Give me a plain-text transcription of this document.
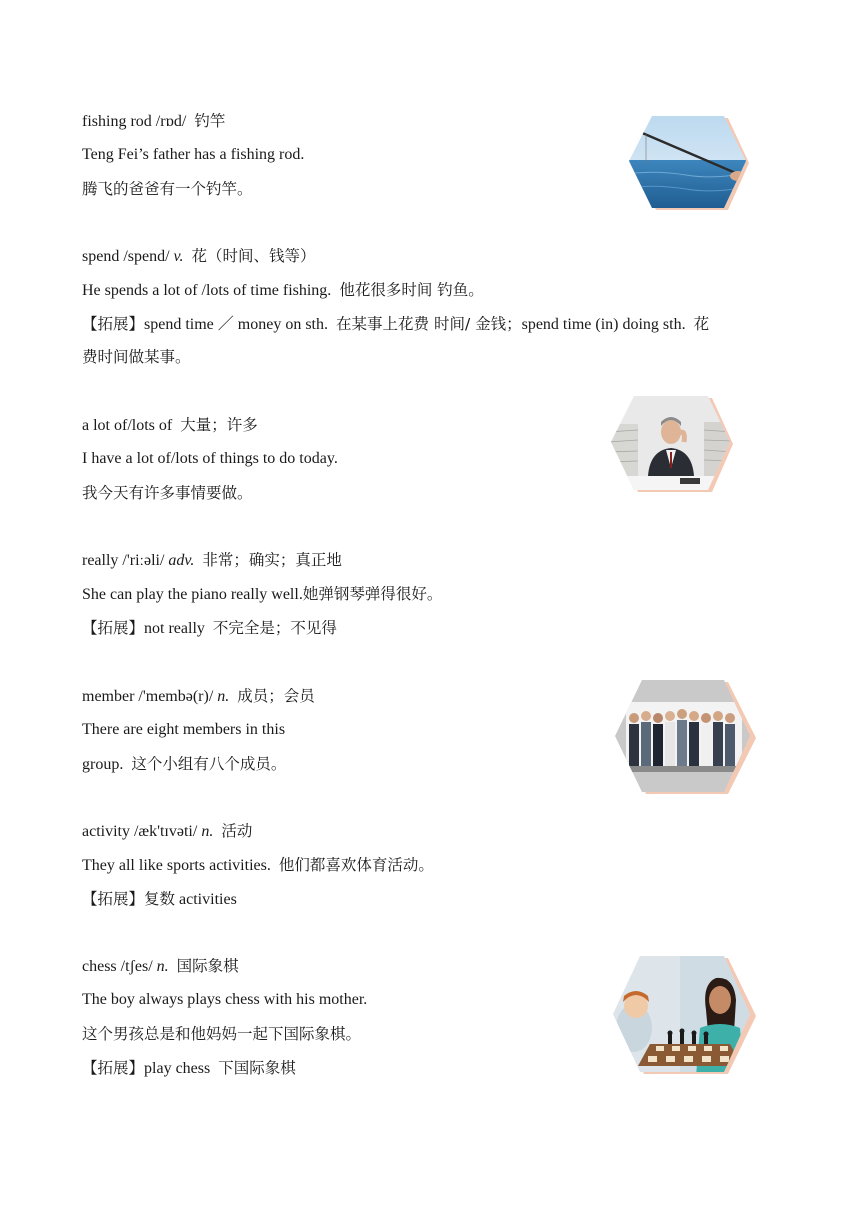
fishing rod /rɒd/ 钓竿
Teng Fei’s father has a fishing rod.
腾飞的爸爸有一个钓竿。
spend /spend/ v. 花（时间、钱等）
He spends a lot of /lots of time fishing. 他花很多时间 钓鱼。
【拓展】spend time ／ money on sth. 在某事上花费 时间/ 金钱；spend time (in) doing sth. 花
费时间做某事。
a lot of/lots of 大量；许多
I have a lot of/lots of things to do today.
我今天有许多事情要做。
really /'riːəli/ adv. 非常；确实；真正地
She can play the piano really well.她弹钢琴弹得很好。
【拓展】not really 不完全是；不见得
member /'membə(r)/ n. 成员；会员
There are eight members in this
group. 这个小组有八个成员。
activity /æk'tɪvəti/ n. 活动
They all like sports activities. 他们都喜欢体育活动。
【拓展】复数 activities
chess /tʃes/ n. 国际象棋
The boy always plays chess with his mother.
这个男孩总是和他妈妈一起下国际象棋。
【拓展】play chess 下国际象棋
